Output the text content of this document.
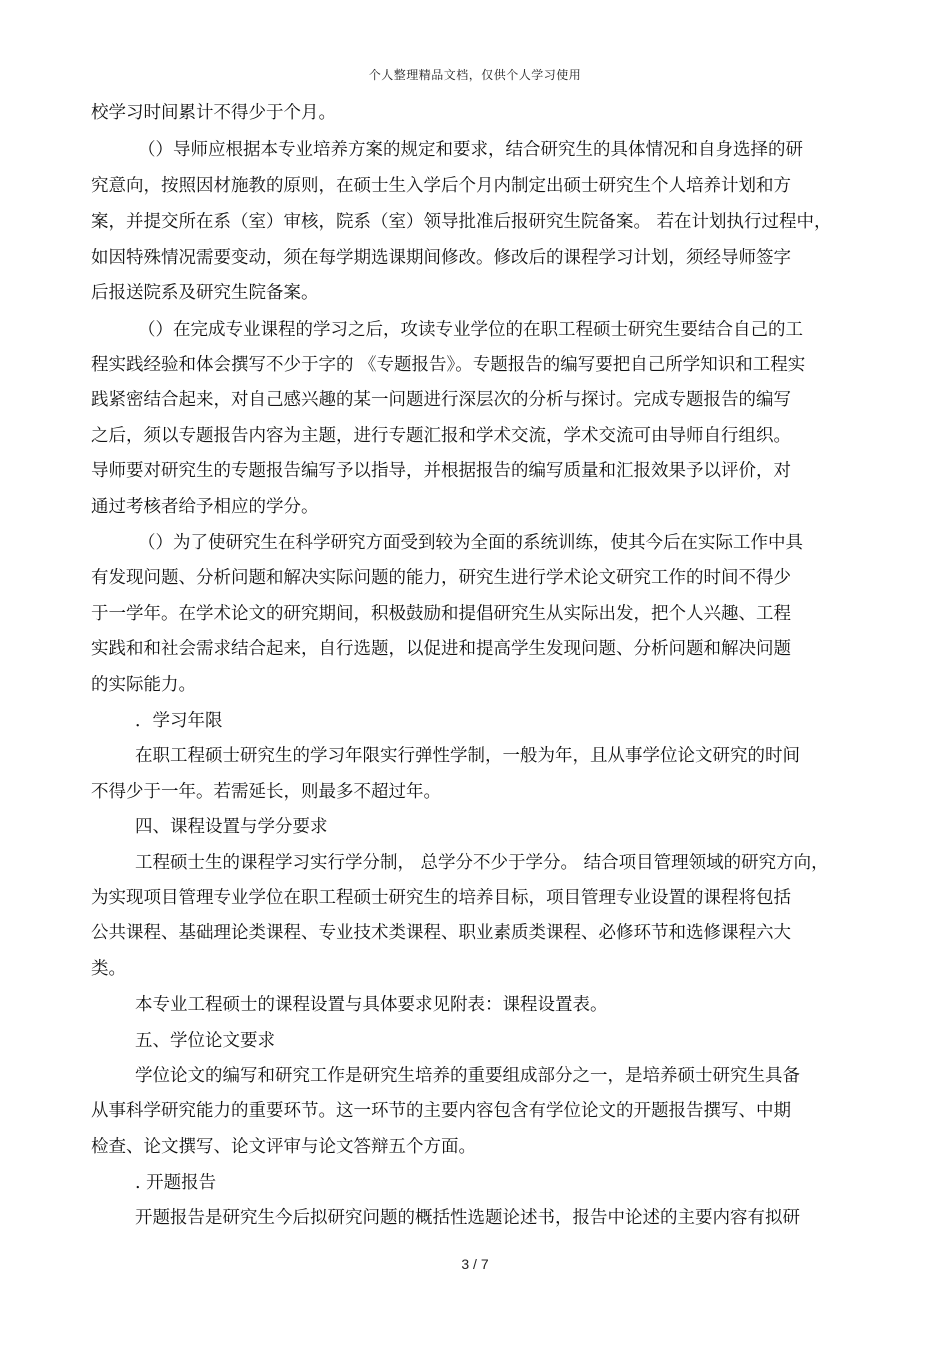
个人整理精品文档，仅供个人学习使用
校学习时间累计不得少于个月。
（）导师应根据本专业培养方案的规定和要求，结合研究生的具体情况和自身选择的研
究意向，按照因材施教的原则，在硕士生入学后个月内制定出硕士研究生个人培养计划和方
案，并提交所在系（室）审核，院系（室）领导批准后报研究生院备案。 若在计划执行过程中，
如因特殊情况需要变动，须在每学期选课期间修改。修改后的课程学习计划，须经导师签字
后报送院系及研究生院备案。
（）在完成专业课程的学习之后，攻读专业学位的在职工程硕士研究生要结合自己的工
程实践经验和体会撰写不少于字的 《专题报告》。专题报告的编写要把自己所学知识和工程实
践紧密结合起来，对自己感兴趣的某一问题进行深层次的分析与探讨。完成专题报告的编写
之后，须以专题报告内容为主题，进行专题汇报和学术交流，学术交流可由导师自行组织。
导师要对研究生的专题报告编写予以指导，并根据报告的编写质量和汇报效果予以评价，对
通过考核者给予相应的学分。
（）为了使研究生在科学研究方面受到较为全面的系统训练，使其今后在实际工作中具
有发现问题、分析问题和解决实际问题的能力，研究生进行学术论文研究工作的时间不得少
于一学年。在学术论文的研究期间，积极鼓励和提倡研究生从实际出发，把个人兴趣、工程
实践和和社会需求结合起来，自行选题，以促进和提高学生发现问题、分析问题和解决问题
的实际能力。
．学习年限
在职工程硕士研究生的学习年限实行弹性学制，一般为年，且从事学位论文研究的时间
不得少于一年。若需延长，则最多不超过年。
四、课程设置与学分要求
工程硕士生的课程学习实行学分制， 总学分不少于学分。 结合项目管理领域的研究方向，
为实现项目管理专业学位在职工程硕士研究生的培养目标，项目管理专业设置的课程将包括
公共课程、基础理论类课程、专业技术类课程、职业素质类课程、必修环节和选修课程六大
类。
本专业工程硕士的课程设置与具体要求见附表：课程设置表。
五、学位论文要求
学位论文的编写和研究工作是研究生培养的重要组成部分之一，是培养硕士研究生具备
从事科学研究能力的重要环节。这一环节的主要内容包含有学位论文的开题报告撰写、中期
检查、论文撰写、论文评审与论文答辩五个方面。
. 开题报告
开题报告是研究生今后拟研究问题的概括性选题论述书，报告中论述的主要内容有拟研
3 / 7
